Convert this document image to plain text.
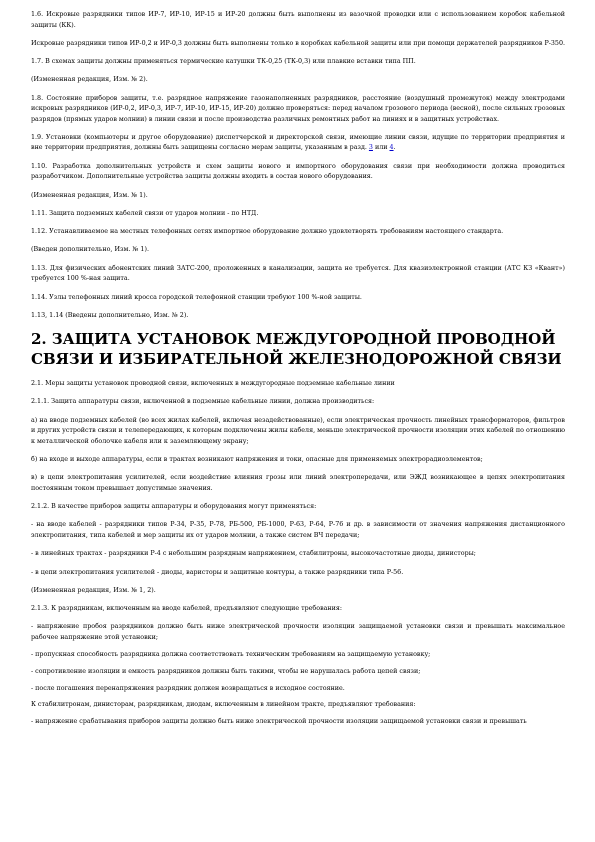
1.6. Искровые разрядники типов ИР-7, ИР-10, ИР-15 и ИР-20 должны быть выполнены из вазочной проводки или с использованием коробок кабельной защиты (КК).

Искровые разрядники типов ИР-0,2 и ИР-0,3 должны быть выполнены только в коробках кабельной защиты или при помощи держателей разрядников Р-350.

1.7. В схемах защиты должны применяться термические катушки ТК-0,25 (ТК-0,3) или плавкие вставки типа ПП.

(Измененная редакция, Изм. № 2).

1.8. Состояние приборов защиты, т.е. разрядное напряжение газонаполненных разрядников, расстояние (воздушный промежуток) между электродами искровых разрядников (ИР-0,2, ИР-0,3, ИР-7, ИР-10, ИР-15, ИР-20) должно проверяться: перед началом грозового периода (весной), после сильных грозовых разрядов (прямых ударов молнии) в линии связи и после производства различных ремонтных работ на линиях и в защитных устройствах.

1.9. Установки (компьютеры и другое оборудование) диспетчерской и директорской связи, имеющие линии связи, идущие по территории предприятия и вне территории предприятия, должны быть защищены согласно мерам защиты, указанным в разд. 3 или 4.

1.10. Разработка дополнительных устройств и схем защиты нового и импортного оборудования связи при необходимости должна проводиться разработчиком. Дополнительные устройства защиты должны входить в состав нового оборудования.

(Измененная редакция, Изм. № 1).

1.11. Защита подземных кабелей связи от ударов молнии - по НТД.

1.12. Устанавливаемое на местных телефонных сетях импортное оборудование должно удовлетворять требованиям настоящего стандарта.

(Введен дополнительно, Изм. № 1).

1.13. Для физических абонентских линий ЗАТС-200, проложенных в канализации, защита не требуется. Для квазиэлектронной станции (АТС КЗ «Квант») требуется 100 %-ная защита.

1.14. Узлы телефонных линий кросса городской телефонной станции требуют 100 %-ной защиты.

1.13, 1.14 (Введены дополнительно, Изм. № 2).

2. ЗАЩИТА УСТАНОВОК МЕЖДУГОРОДНОЙ ПРОВОДНОЙ СВЯЗИ И ИЗБИРАТЕЛЬНОЙ ЖЕЛЕЗНОДОРОЖНОЙ СВЯЗИ

2.1. Меры защиты установок проводной связи, включенных в междугородные подземные кабельные линии

2.1.1. Защита аппаратуры связи, включенной в подземные кабельные линии, должна производиться:

а) на вводе подземных кабелей (во всех жилах кабелей, включая незадействованные), если электрическая прочность линейных трансформаторов, фильтров и других устройств связи и телепередающих, к которым подключены жилы кабеля, меньше электрической прочности изоляции этих кабелей по отношению к металлической оболочке кабеля или к заземляющему экрану;

б) на входе и выходе аппаратуры, если в трактах возникают напряжения и токи, опасные для применяемых электрорадиоэлементов;

в) в цепи электропитания усилителей, если воздействие влияния грозы или линий электропередачи, или ЭЖД возникающее в цепях электропитания постоянным током превышает допустимые значения.

2.1.2. В качестве приборов защиты аппаратуры и оборудования могут применяться:

- на вводе кабелей - разрядники типов Р-34, Р-35, Р-78, РБ-500, РБ-1000, Р-63, Р-64, Р-76 и др. в зависимости от значения напряжения дистанционного электропитания, типа кабелей и мер защиты их от ударов молнии, а также систем ВЧ передачи;

- в линейных трактах - разрядники Р-4 с небольшим разрядным напряжением, стабилитроны, высокочастотные диоды, динисторы;

- в цепи электропитания усилителей - диоды, варисторы и защитные контуры, а также разрядники типа Р-56.

(Измененная редакция, Изм. № 1, 2).

2.1.3. К разрядникам, включенным на вводе кабелей, предъявляют следующие требования:

- напряжение пробоя разрядников должно быть ниже электрической прочности изоляции защищаемой установки связи и превышать максимальное рабочее напряжение этой установки;

- пропускная способность разрядника должна соответствовать техническим требованиям на защищаемую установку;

- сопротивление изоляции и емкость разрядников должны быть такими, чтобы не нарушалась работа цепей связи;

- после погашения перенапряжения разрядник должен возвращаться в исходное состояние.

К стабилитронам, динисторам, разрядникам, диодам, включенным в линейном тракте, предъявляют требования:

- напряжение срабатывания приборов защиты должно быть ниже электрической прочности изоляции защищаемой установки связи и превышать
